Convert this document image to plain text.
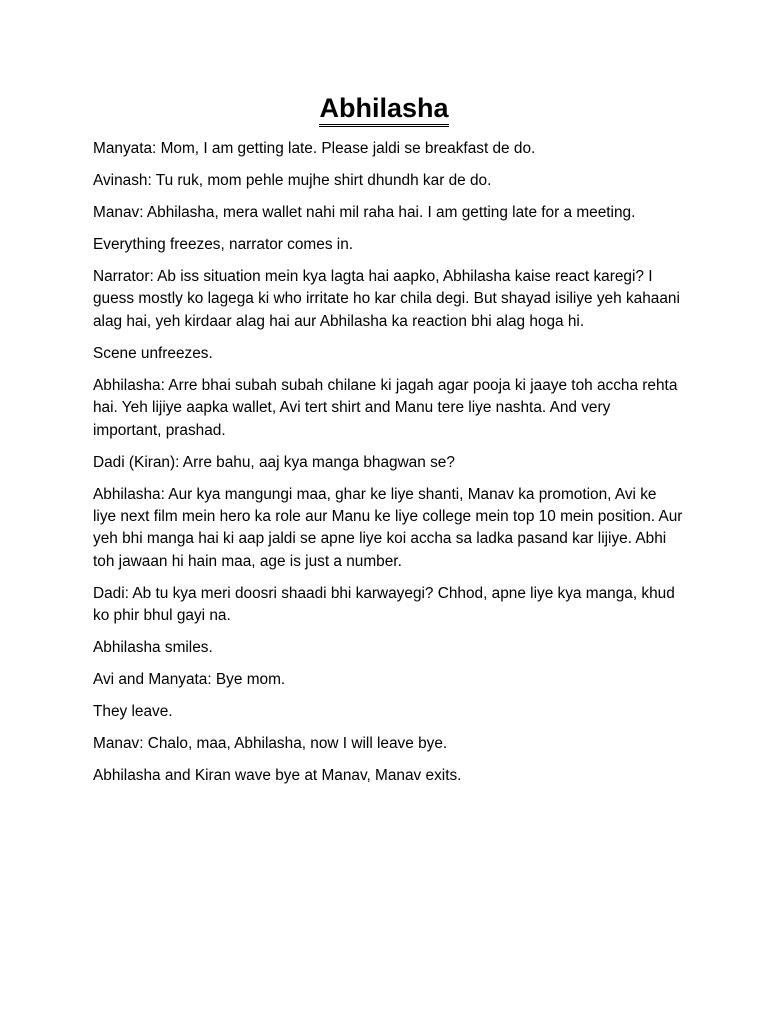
Abhilasha

Manyata: Mom, I am getting late. Please jaldi se breakfast de do.

Avinash: Tu ruk, mom pehle mujhe shirt dhundh kar de do.

Manav: Abhilasha, mera wallet nahi mil raha hai. I am getting late for a meeting.

Everything freezes, narrator comes in.

Narrator: Ab iss situation mein kya lagta hai aapko, Abhilasha kaise react karegi? I guess mostly ko lagega ki who irritate ho kar chila degi. But shayad isiliye yeh kahaani alag hai, yeh kirdaar alag hai aur Abhilasha ka reaction bhi alag hoga hi.

Scene unfreezes.

Abhilasha: Arre bhai subah subah chilane ki jagah agar pooja ki jaaye toh accha rehta hai. Yeh lijiye aapka wallet, Avi tert shirt and Manu tere liye nashta. And very important, prashad.

Dadi (Kiran): Arre bahu, aaj kya manga bhagwan se?

Abhilasha: Aur kya mangungi maa, ghar ke liye shanti, Manav ka promotion, Avi ke liye next film mein hero ka role aur Manu ke liye college mein top 10 mein position. Aur yeh bhi manga hai ki aap jaldi se apne liye koi accha sa ladka pasand kar lijiye. Abhi toh jawaan hi hain maa, age is just a number.

Dadi: Ab tu kya meri doosri shaadi bhi karwayegi? Chhod, apne liye kya manga, khud ko phir bhul gayi na.

Abhilasha smiles.

Avi and Manyata: Bye mom.

They leave.

Manav: Chalo, maa, Abhilasha, now I will leave bye.

Abhilasha and Kiran wave bye at Manav, Manav exits.
